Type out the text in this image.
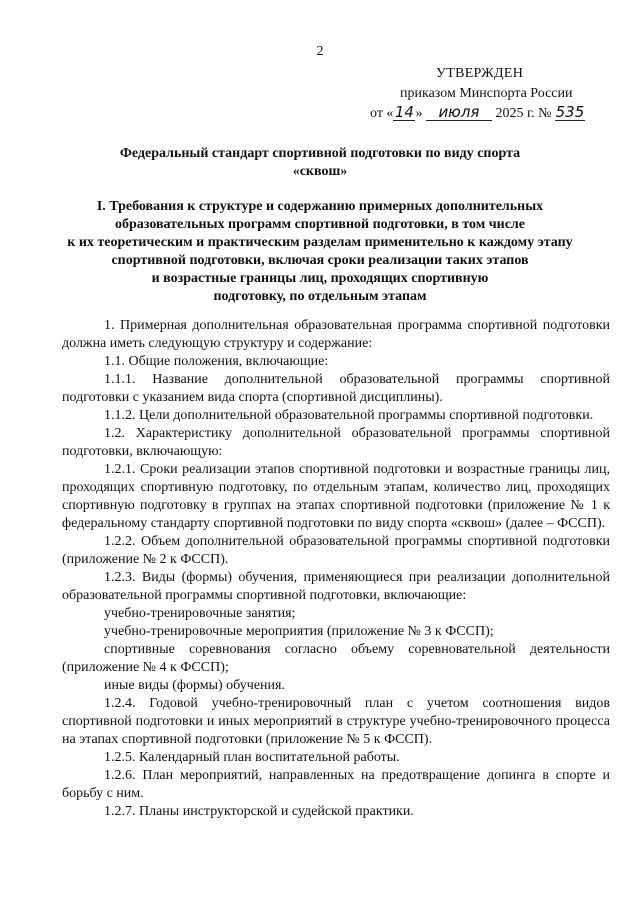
2
УТВЕРЖДЕН
приказом Минспорта России
от «14» июля 2025 г. № 535
Федеральный стандарт спортивной подготовки по виду спорта
«сквош»
I. Требования к структуре и содержанию примерных дополнительных
образовательных программ спортивной подготовки, в том числе
к их теоретическим и практическим разделам применительно к каждому этапу
спортивной подготовки, включая сроки реализации таких этапов
и возрастные границы лиц, проходящих спортивную
подготовку, по отдельным этапам

1. Примерная дополнительная образовательная программа спортивной подготовки должна иметь следующую структуру и содержание:

1.1. Общие положения, включающие:

1.1.1. Название дополнительной образовательной программы спортивной подготовки с указанием вида спорта (спортивной дисциплины).

1.1.2. Цели дополнительной образовательной программы спортивной подготовки.

1.2. Характеристику дополнительной образовательной программы спортивной подготовки, включающую:

1.2.1. Сроки реализации этапов спортивной подготовки и возрастные границы лиц, проходящих спортивную подготовку, по отдельным этапам, количество лиц, проходящих спортивную подготовку в группах на этапах спортивной подготовки (приложение № 1 к федеральному стандарту спортивной подготовки по виду спорта «сквош» (далее – ФССП).

1.2.2. Объем дополнительной образовательной программы спортивной подготовки (приложение № 2 к ФССП).

1.2.3. Виды (формы) обучения, применяющиеся при реализации дополнительной образовательной программы спортивной подготовки, включающие:

учебно-тренировочные занятия;

учебно-тренировочные мероприятия (приложение № 3 к ФССП);

спортивные соревнования согласно объему соревновательной деятельности (приложение № 4 к ФССП);

иные виды (формы) обучения.

1.2.4. Годовой учебно-тренировочный план с учетом соотношения видов спортивной подготовки и иных мероприятий в структуре учебно-тренировочного процесса на этапах спортивной подготовки (приложение № 5 к ФССП).

1.2.5. Календарный план воспитательной работы.

1.2.6. План мероприятий, направленных на предотвращение допинга в спорте и борьбу с ним.

1.2.7. Планы инструкторской и судейской практики.
